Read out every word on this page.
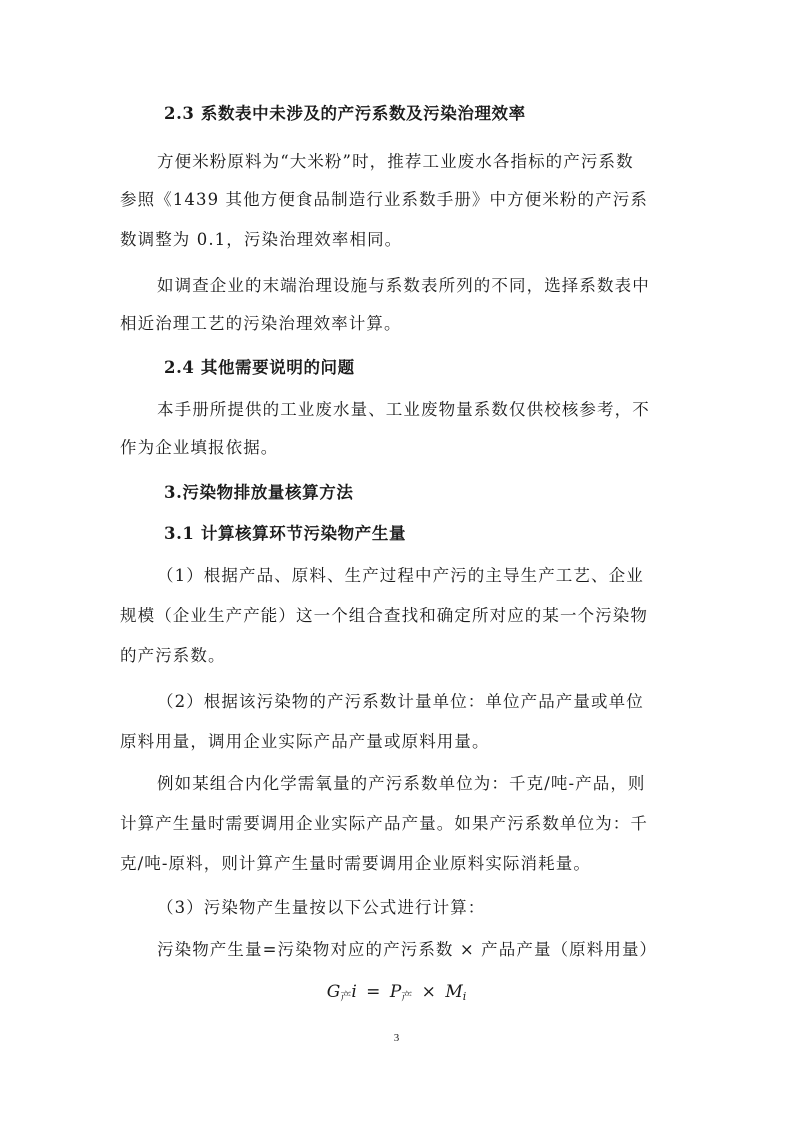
2.3 系数表中未涉及的产污系数及污染治理效率
方便米粉原料为“大米粉”时，推荐工业废水各指标的产污系数
参照《1439 其他方便食品制造行业系数手册》中方便米粉的产污系
数调整为 0.1，污染治理效率相同。
如调查企业的末端治理设施与系数表所列的不同，选择系数表中
相近治理工艺的污染治理效率计算。
2.4 其他需要说明的问题
本手册所提供的工业废水量、工业废物量系数仅供校核参考，不
作为企业填报依据。
3.污染物排放量核算方法
3.1 计算核算环节污染物产生量
（1）根据产品、原料、生产过程中产污的主导生产工艺、企业
规模（企业生产产能）这一个组合查找和确定所对应的某一个污染物
的产污系数。
（2）根据该污染物的产污系数计量单位：单位产品产量或单位
原料用量，调用企业实际产品产量或原料用量。
例如某组合内化学需氧量的产污系数单位为：千克/吨-产品，则
计算产生量时需要调用企业实际产品产量。如果产污系数单位为：千
克/吨-原料，则计算产生量时需要调用企业原料实际消耗量。
（3）污染物产生量按以下公式进行计算：
污染物产生量=污染物对应的产污系数 × 产品产量（原料用量）
$G_产i = P_产 \times M_i$
3
